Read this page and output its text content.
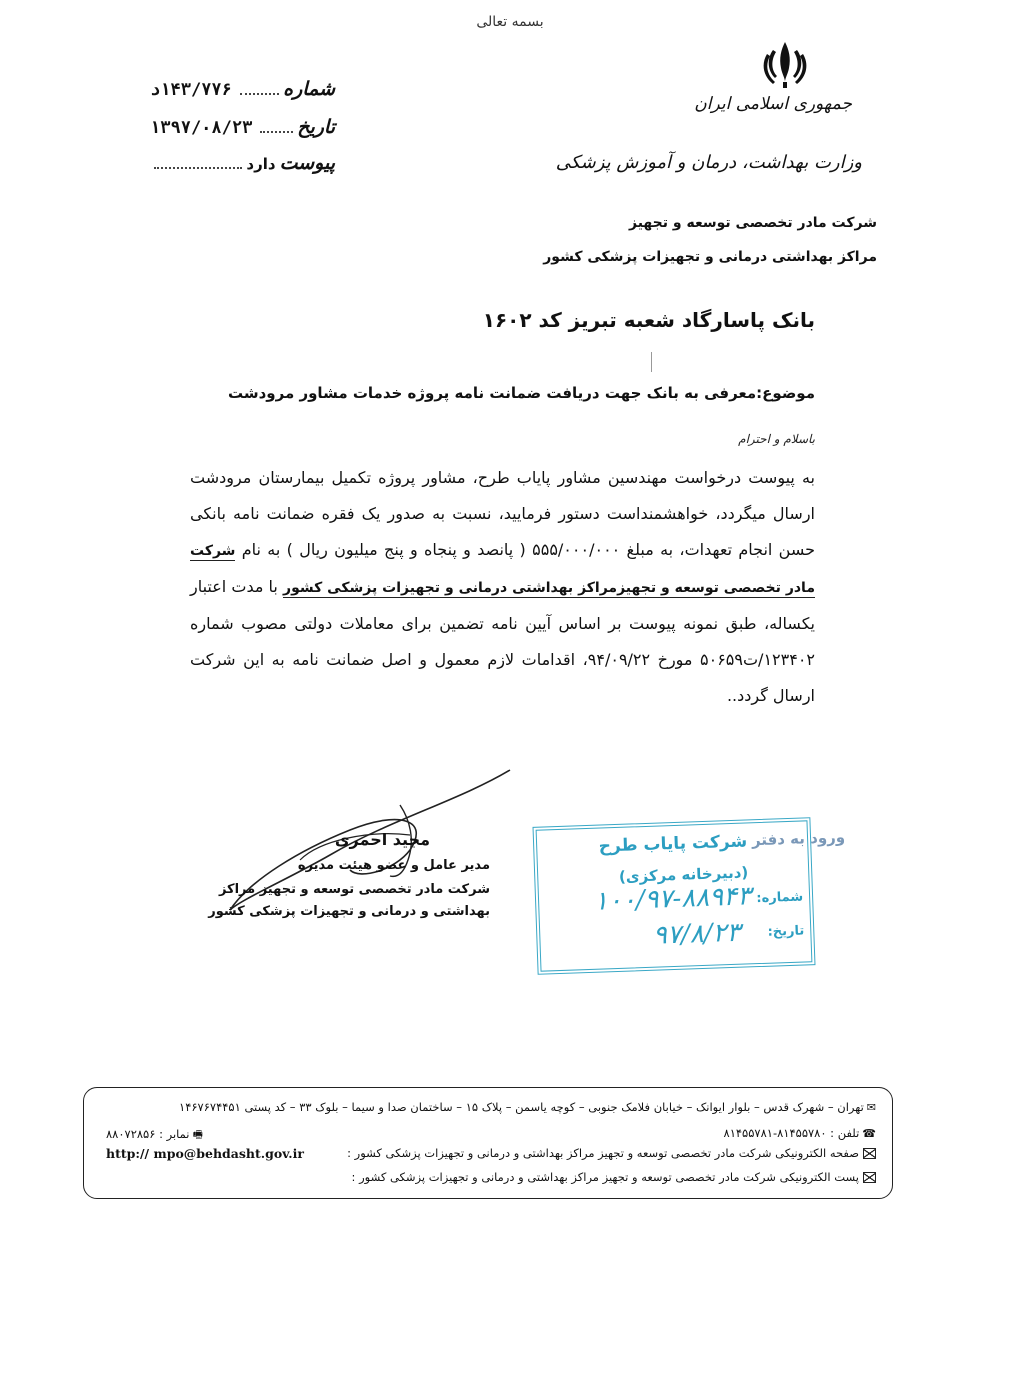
بسمه تعالی
جمهوری اسلامی ایران
وزارت بهداشت، درمان و آموزش پزشکی
شماره
۱۴۳/۷۷۶د
تاریخ
۱۳۹۷/۰۸/۲۳
پیوست
دارد
شرکت مادر تخصصی توسعه و تجهیز
مراکز بهداشتی درمانی و تجهیزات پزشکی کشور
بانک پاسارگاد شعبه تبریز کد ۱۶۰۲
موضوع:معرفی به بانک جهت دریافت ضمانت نامه پروژه خدمات مشاور مرودشت
باسلام و احترام
به پیوست درخواست مهندسین مشاور پایاب طرح، مشاور پروژه تکمیل بیمارستان مرودشت ارسال میگردد، خواهشمنداست دستور فرمایید، نسبت به صدور یک فقره ضمانت نامه بانکی حسن انجام تعهدات، به مبلغ ۵۵۵/۰۰۰/۰۰۰ ( پانصد و پنجاه و پنج میلیون ریال ) به نام شرکت مادر تخصصی توسعه و تجهیزمراکز بهداشتی درمانی و تجهیزات پزشکی کشور با مدت اعتبار یکساله، طبق نمونه پیوست بر اساس آیین نامه تضمین برای معاملات دولتی مصوب شماره ۱۲۳۴۰۲/ت۵۰۶۵۹ مورخ ۹۴/۰۹/۲۲، اقدامات لازم معمول و اصل ضمانت نامه به این شرکت ارسال گردد..
مجید احمری
مدیر عامل و عضو هیئت مدیره
شرکت مادر تخصصی توسعه و تجهیز مراکز
بهداشتی و درمانی و تجهیزات پزشکی کشور
ورود به دفتر
شرکت پایاب طرح
(دبیرخانه مرکزی)
شماره:
۱۰۰/۹۷-۸۸۹۴۳
تاریخ:
۹۷/۸/۲۳
✉تهران – شهرک قدس – بلوار ایوانک – خیابان فلامک جنوبی – کوچه یاسمن – پلاک ۱۵ – ساختمان صدا و سیما – بلوک ۳۳ – کد پستی ۱۴۶۷۶۷۴۴۵۱
☎تلفن : ۸۱۴۵۵۷۸۰-۸۱۴۵۵۷۸۱
🖷نمابر : ۸۸۰۷۲۸۵۶
صفحه الکترونیکی شرکت مادر تخصصی توسعه و تجهیز مراکز بهداشتی و درمانی و تجهیزات پزشکی کشور :
http:// mpo@behdasht.gov.ir
پست الکترونیکی شرکت مادر تخصصی توسعه و تجهیز مراکز بهداشتی و درمانی و تجهیزات پزشکی کشور :
